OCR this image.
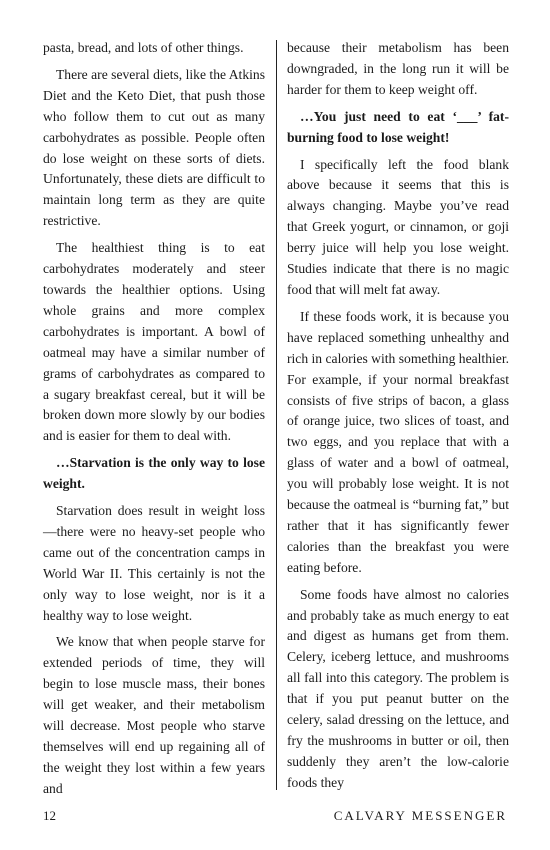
pasta, bread, and lots of other things.

There are several diets, like the Atkins Diet and the Keto Diet, that push those who follow them to cut out as many carbohydrates as possible. People often do lose weight on these sorts of diets. Unfortunately, these diets are difficult to maintain long term as they are quite restrictive.

The healthiest thing is to eat carbohydrates moderately and steer towards the healthier options. Using whole grains and more complex carbohydrates is important. A bowl of oatmeal may have a similar number of grams of carbohydrates as compared to a sugary breakfast cereal, but it will be broken down more slowly by our bodies and is easier for them to deal with.

…Starvation is the only way to lose weight.

Starvation does result in weight loss—there were no heavy-set people who came out of the concentration camps in World War II. This certainly is not the only way to lose weight, nor is it a healthy way to lose weight.

We know that when people starve for extended periods of time, they will begin to lose muscle mass, their bones will get weaker, and their metabolism will decrease. Most people who starve themselves will end up regaining all of the weight they lost within a few years and

because their metabolism has been downgraded, in the long run it will be harder for them to keep weight off.

…You just need to eat ‘___’ fat-burning food to lose weight!

I specifically left the food blank above because it seems that this is always changing. Maybe you’ve read that Greek yogurt, or cinnamon, or goji berry juice will help you lose weight. Studies indicate that there is no magic food that will melt fat away.

If these foods work, it is because you have replaced something unhealthy and rich in calories with something healthier. For example, if your normal breakfast consists of five strips of bacon, a glass of orange juice, two slices of toast, and two eggs, and you replace that with a glass of water and a bowl of oatmeal, you will probably lose weight. It is not because the oatmeal is “burning fat,” but rather that it has significantly fewer calories than the breakfast you were eating before.

Some foods have almost no calories and probably take as much energy to eat and digest as humans get from them. Celery, iceberg lettuce, and mushrooms all fall into this category. The problem is that if you put peanut butter on the celery, salad dressing on the lettuce, and fry the mushrooms in butter or oil, then suddenly they aren’t the low-calorie foods they

12	CALVARY MESSENGER
